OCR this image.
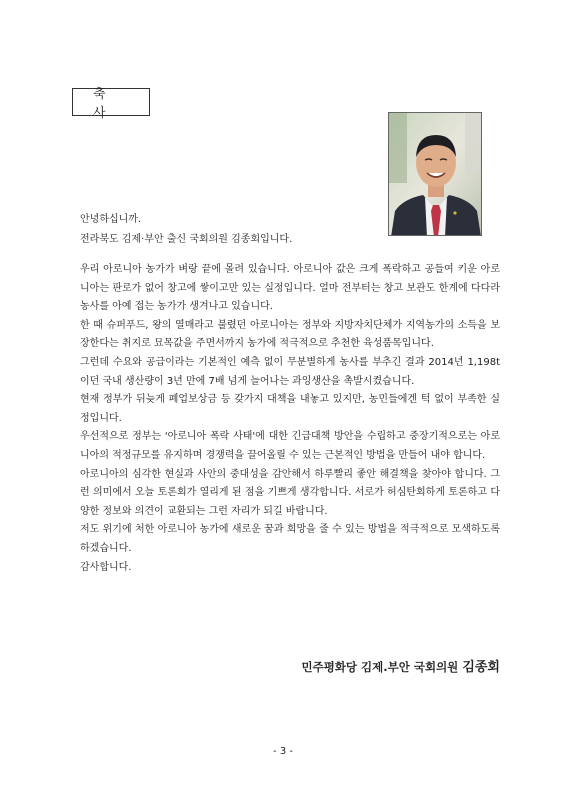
축 사
안녕하십니까.
전라북도 김제·부안 출신 국회의원 김종회입니다.

우리 아로니아 농가가 벼랑 끝에 몰려 있습니다. 아로니아 값은 크게 폭락하고 공들여 키운 아로니아는 판로가 없어 창고에 쌓이고만 있는 실정입니다. 얼마 전부터는 창고 보관도 한계에 다다라 농사를 아예 접는 농가가 생겨나고 있습니다.

한 때 슈퍼푸드, 왕의 열매라고 불렸던 아로니아는 정부와 지방자치단체가 지역농가의 소득을 보장한다는 취지로 묘목값을 주면서까지 농가에 적극적으로 추천한 육성품목입니다.

그런데 수요와 공급이라는 기본적인 예측 없이 무분별하게 농사를 부추긴 결과 2014년 1,198t이던 국내 생산량이 3년 만에 7배 넘게 늘어나는 과잉생산을 촉발시켰습니다.

현재 정부가 뒤늦게 폐업보상금 등 갖가지 대책을 내놓고 있지만, 농민들에겐 턱 없이 부족한 실정입니다.

우선적으로 정부는 '아로니아 폭락 사태'에 대한 긴급대책 방안을 수립하고 중장기적으로는 아로니아의 적정규모를 유지하며 경쟁력을 끌어올릴 수 있는 근본적인 방법을 만들어 내야 합니다.

아로니아의 심각한 현실과 사안의 중대성을 감안해서 하루빨리 좋안 해결책을 찾아야 합니다. 그런 의미에서 오늘 토론회가 열리게 된 점을 기쁘게 생각합니다. 서로가 허심탄회하게 토론하고 다양한 정보와 의견이 교환되는 그런 자리가 되길 바랍니다.

저도 위기에 처한 아로니아 농가에 새로운 꿈과 희망을 줄 수 있는 방법을 적극적으로 모색하도록 하겠습니다.

감사합니다.

민주평화당 김제.부안 국회의원 김종회
- 3 -
